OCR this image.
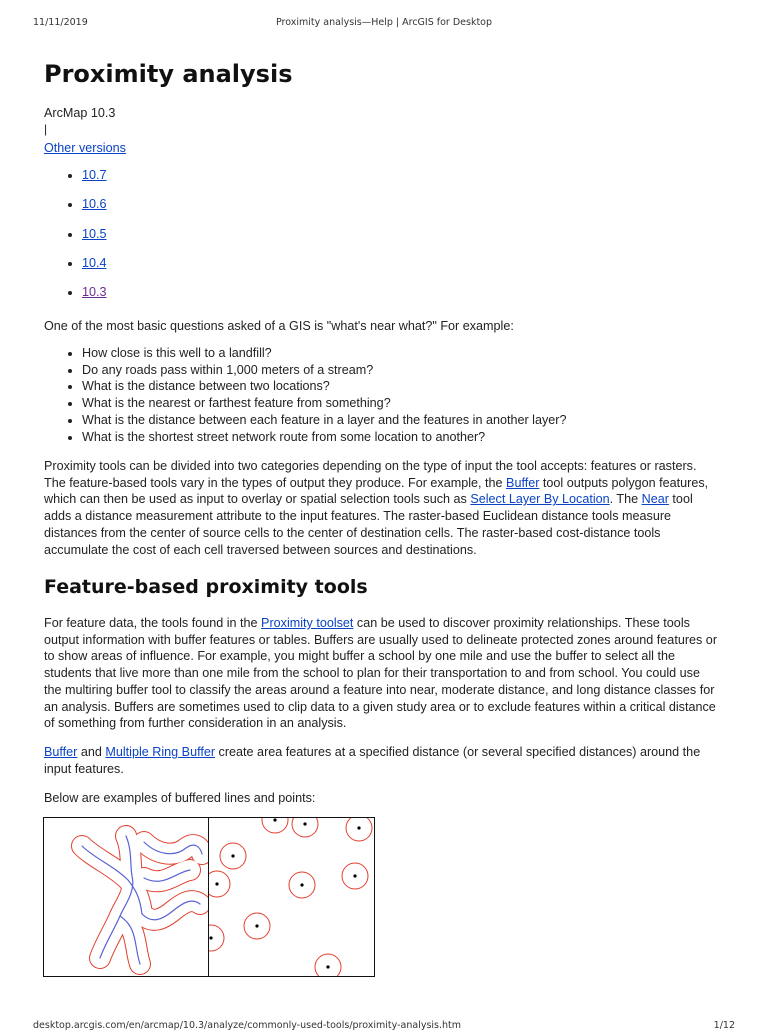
11/11/2019	Proximity analysis—Help | ArcGIS for Desktop
Proximity analysis

ArcMap 10.3

|

Other versions

• 10.7
• 10.6
• 10.5
• 10.4
• 10.3

One of the most basic questions asked of a GIS is "what's near what?" For example:

• How close is this well to a landfill?
• Do any roads pass within 1,000 meters of a stream?
• What is the distance between two locations?
• What is the nearest or farthest feature from something?
• What is the distance between each feature in a layer and the features in another layer?
• What is the shortest street network route from some location to another?

Proximity tools can be divided into two categories depending on the type of input the tool accepts: features or rasters. The feature-based tools vary in the types of output they produce. For example, the Buffer tool outputs polygon features, which can then be used as input to overlay or spatial selection tools such as Select Layer By Location. The Near tool adds a distance measurement attribute to the input features. The raster-based Euclidean distance tools measure distances from the center of source cells to the center of destination cells. The raster-based cost-distance tools accumulate the cost of each cell traversed between sources and destinations.

Feature-based proximity tools

For feature data, the tools found in the Proximity toolset can be used to discover proximity relationships. These tools output information with buffer features or tables. Buffers are usually used to delineate protected zones around features or to show areas of influence. For example, you might buffer a school by one mile and use the buffer to select all the students that live more than one mile from the school to plan for their transportation to and from school. You could use the multiring buffer tool to classify the areas around a feature into near, moderate distance, and long distance classes for an analysis. Buffers are sometimes used to clip data to a given study area or to exclude features within a critical distance of something from further consideration in an analysis.

Buffer and Multiple Ring Buffer create area features at a specified distance (or several specified distances) around the input features.

Below are examples of buffered lines and points:

desktop.arcgis.com/en/arcmap/10.3/analyze/commonly-used-tools/proximity-analysis.htm	1/12
